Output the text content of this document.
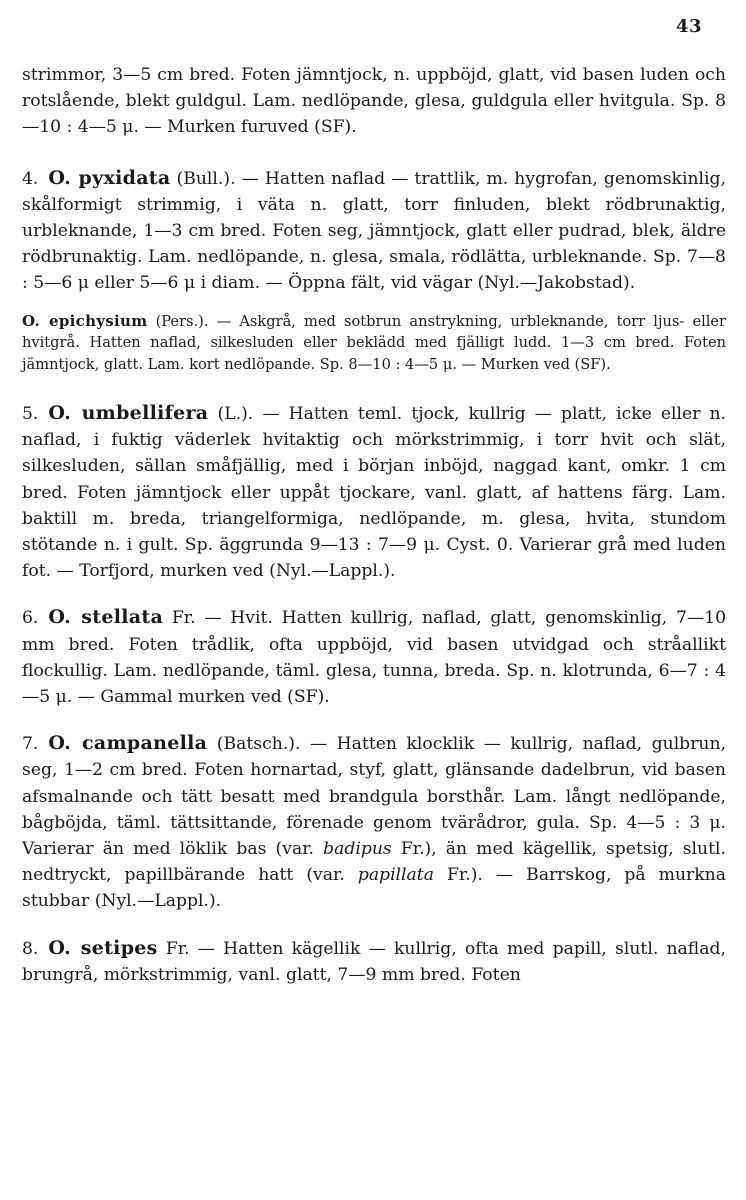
43

strimmor, 3—5 cm bred. Foten jämntjock, n. uppböjd, glatt, vid basen luden och rotslående, blekt guldgul. Lam. nedlöpande, glesa, guldgula eller hvitgula. Sp. 8—10 : 4—5 μ. — Murken furuved (SF).

4. O. pyxidata (Bull.). — Hatten naflad — trattlik, m. hygrofan, genomskinlig, skålformigt strimmig, i väta n. glatt, torr finluden, blekt rödbrunaktig, urbleknande, 1—3 cm bred. Foten seg, jämntjock, glatt eller pudrad, blek, äldre rödbrunaktig. Lam. nedlöpande, n. glesa, smala, rödlätta, urbleknande. Sp. 7—8 : 5—6 μ eller 5—6 μ i diam. — Öppna fält, vid vägar (Nyl.—Jakobstad).

O. epichysium (Pers.). — Askgrå, med sotbrun anstrykning, urbleknande, torr ljus- eller hvitgrå. Hatten naflad, silkesluden eller beklädd med fjälligt ludd. 1—3 cm bred. Foten jämntjock, glatt. Lam. kort nedlöpande. Sp. 8—10 : 4—5 μ. — Murken ved (SF).

5. O. umbellifera (L.). — Hatten teml. tjock, kullrig — platt, icke eller n. naflad, i fuktig väderlek hvitaktig och mörkstrimmig, i torr hvit och slät, silkesluden, sällan småfjällig, med i början inböjd, naggad kant, omkr. 1 cm bred. Foten jämntjock eller uppåt tjockare, vanl. glatt, af hattens färg. Lam. baktill m. breda, triangelformiga, nedlöpande, m. glesa, hvita, stundom stötande n. i gult. Sp. äggrunda 9—13 : 7—9 μ. Cyst. 0. Varierar grå med luden fot. — Torfjord, murken ved (Nyl.—Lappl.).

6. O. stellata Fr. — Hvit. Hatten kullrig, naflad, glatt, genomskinlig, 7—10 mm bred. Foten trådlik, ofta uppböjd, vid basen utvidgad och stråallikt flockullig. Lam. nedlöpande, täml. glesa, tunna, breda. Sp. n. klotrunda, 6—7 : 4—5 μ. — Gammal murken ved (SF).

7. O. campanella (Batsch.). — Hatten klocklik — kullrig, naflad, gulbrun, seg, 1—2 cm bred. Foten hornartad, styf, glatt, glänsande dadelbrun, vid basen afsmalnande och tätt besatt med brandgula borsthår. Lam. långt nedlöpande, bågböjda, täml. tättsittande, förenade genom tvärådror, gula. Sp. 4—5 : 3 μ. Varierar än med löklik bas (var. badipus Fr.), än med kägellik, spetsig, slutl. nedtryckt, papillbärande hatt (var. papillata Fr.). — Barrskog, på murkna stubbar (Nyl.—Lappl.).

8. O. setipes Fr. — Hatten kägellik — kullrig, ofta med papill, slutl. naflad, brungrå, mörkstrimmig, vanl. glatt, 7—9 mm bred. Foten
